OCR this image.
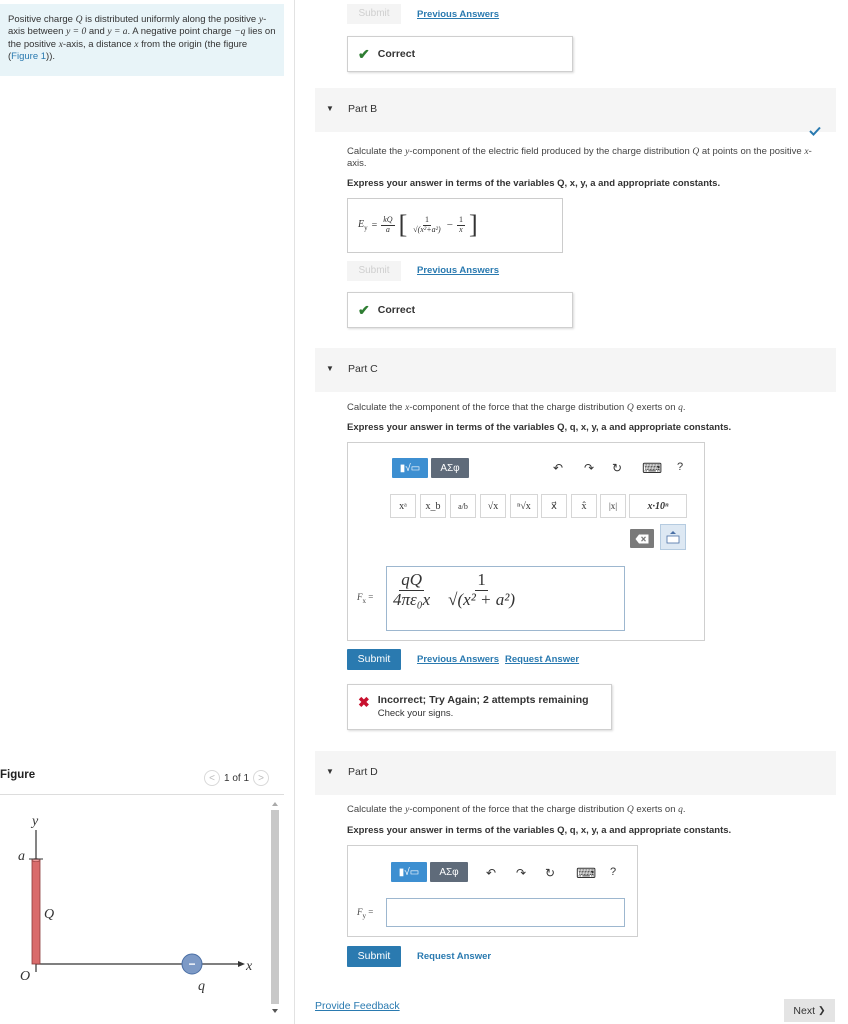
Positive charge Q is distributed uniformly along the positive y-axis between y = 0 and y = a. A negative point charge −q lies on the positive x-axis, a distance x from the origin (the figure (Figure 1)).
Figure	< 1 of 1 >
−
y
a
Q
O
x
q
Submit	Previous Answers
✔ Correct
▼ Part B
Calculate the y-component of the electric field produced by the charge distribution Q at points on the positive x-axis.
Express your answer in terms of the variables Q, x, y, a and appropriate constants.
$E_y = \frac{kQ}{a}$ [ $\frac{1}{\text{√(x²+a²)}} - \frac{1}{x}$ ]
Submit	Previous Answers
✔ Correct
▼ Part C
Calculate the x-component of the force that the charge distribution Q exerts on q.
Express your answer in terms of the variables Q, q, x, y, a and appropriate constants.
▮√▭	ΑΣφ	↶ ↷ ↻ ⌨ ?
xᵃ	x_b	a/b	√x	ⁿ√x	x⃗	x̂	|x|	x·10ⁿ
$F_x = \frac{qQ}{\text{4πε₀x}} \frac{1}{\text{√(x² + a²)}}$
Submit	Previous Answers Request Answer
✖ Incorrect; Try Again; 2 attempts remaining
Check your signs.
▼ Part D
Calculate the y-component of the force that the charge distribution Q exerts on q.
Express your answer in terms of the variables Q, q, x, y, a and appropriate constants.
▮√▭	ΑΣφ	↶ ↷ ↻ ⌨ ?
$F_y$ =
Submit	Request Answer
Provide Feedback	Next ❯
